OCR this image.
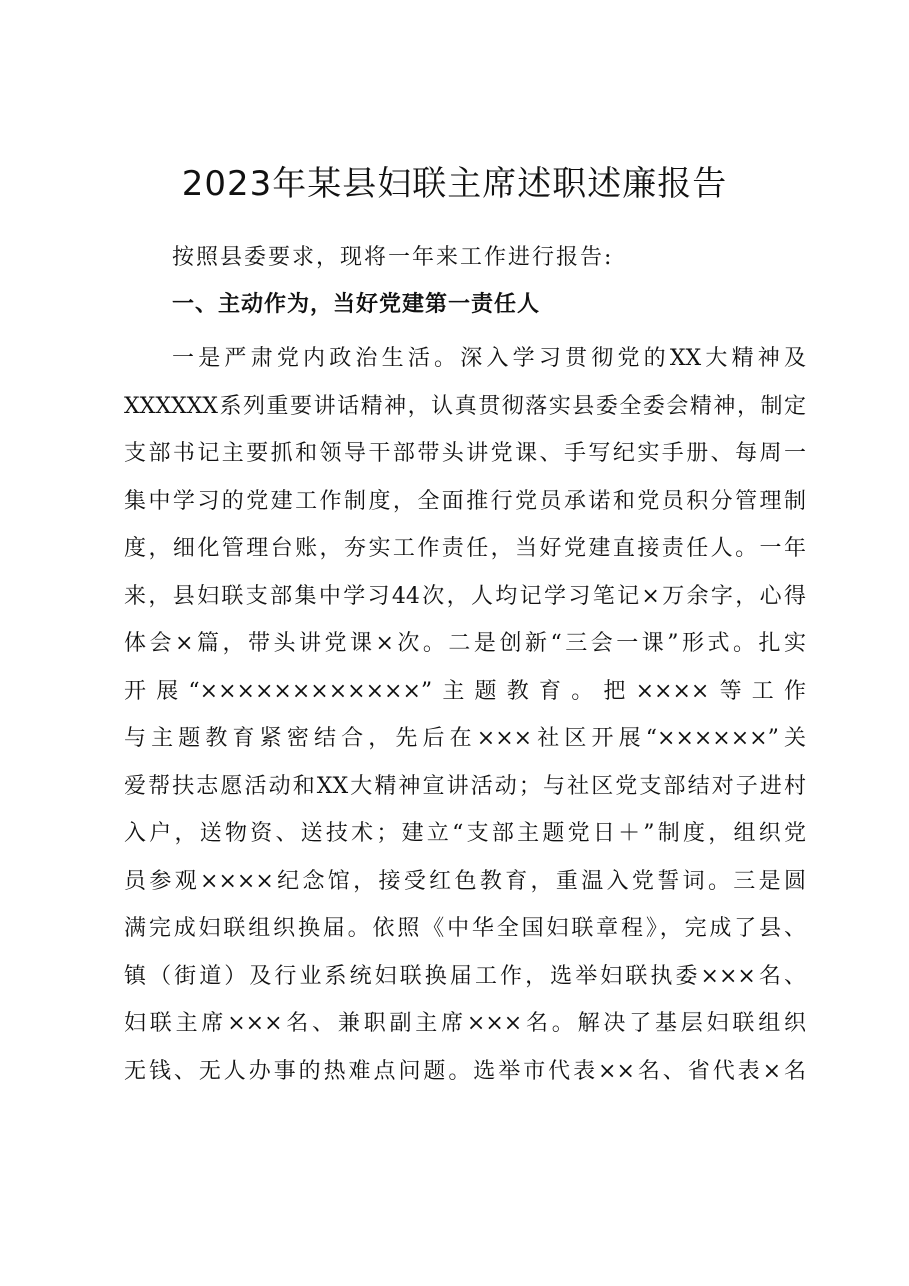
2023年某县妇联主席述职述廉报告
按照县委要求，现将一年来工作进行报告:
一、主动作为，当好党建第一责任人
一是严肃党内政治生活。深入学习贯彻党的XX大精神及
XXXXXX系列重要讲话精神，认真贯彻落实县委全委会精神，制定
支部书记主要抓和领导干部带头讲党课、手写纪实手册、每周一
集中学习的党建工作制度，全面推行党员承诺和党员积分管理制
度，细化管理台账，夯实工作责任，当好党建直接责任人。一年
来，县妇联支部集中学习44次，人均记学习笔记×万余字，心得
体会×篇，带头讲党课×次。二是创新“三会一课”形式。扎实
开展“××××××××××××”主题教育。把××××等工作
与主题教育紧密结合，先后在×××社区开展“××××××”关
爱帮扶志愿活动和XX大精神宣讲活动；与社区党支部结对子进村
入户，送物资、送技术；建立“支部主题党日＋”制度，组织党
员参观××××纪念馆，接受红色教育，重温入党誓词。三是圆
满完成妇联组织换届。依照《中华全国妇联章程》，完成了县、
镇（街道）及行业系统妇联换届工作，选举妇联执委×××名、
妇联主席×××名、兼职副主席×××名。解决了基层妇联组织
无钱、无人办事的热难点问题。选举市代表××名、省代表×名
